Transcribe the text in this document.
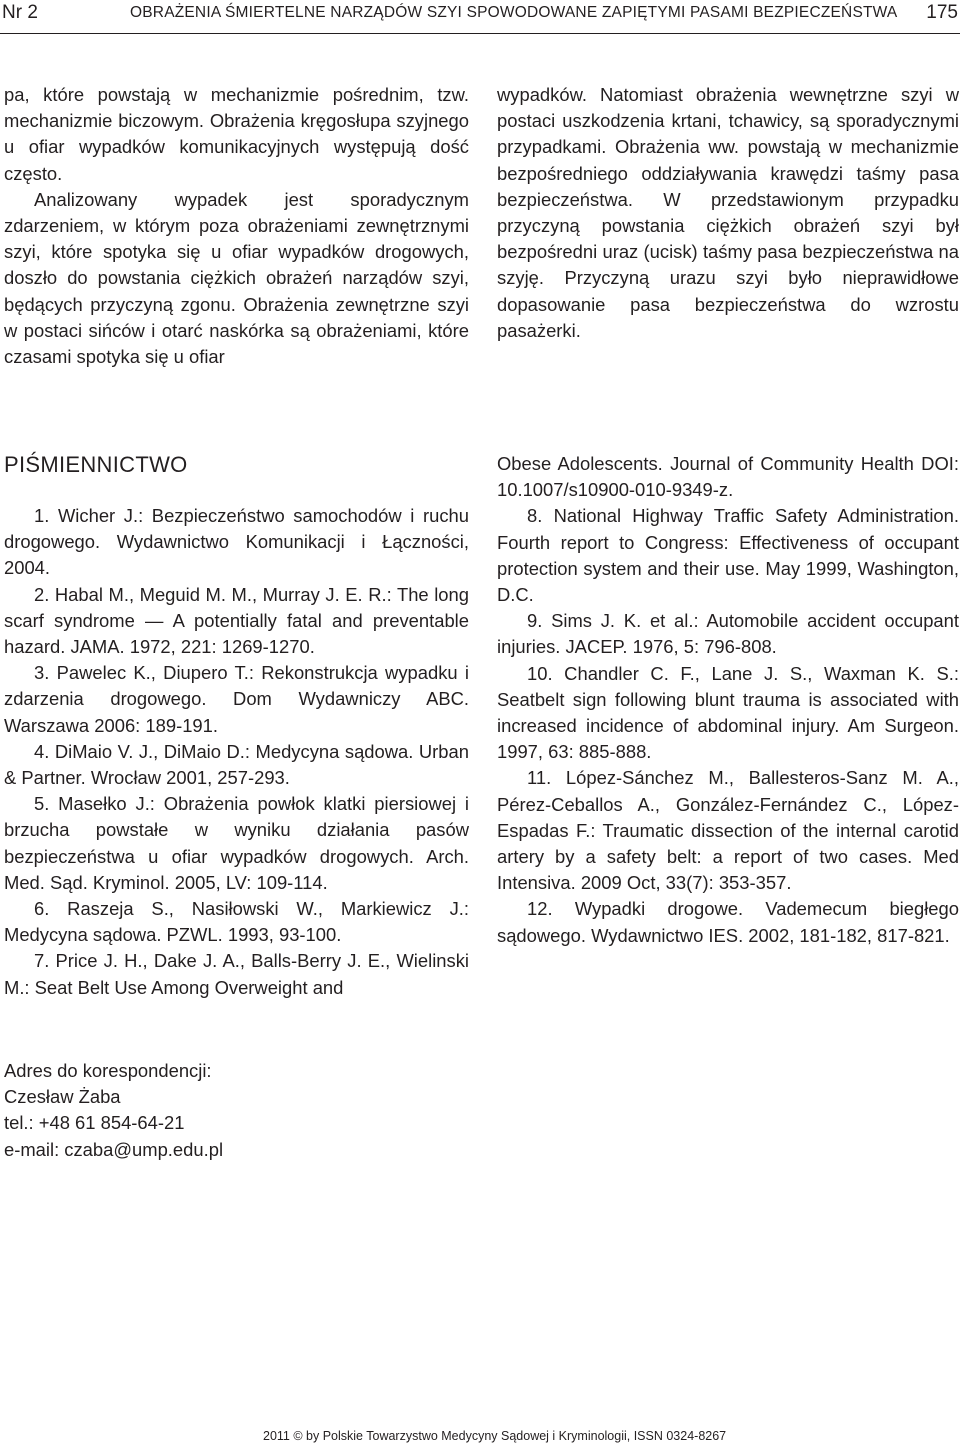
Nr 2	OBRAŻENIA ŚMIERTELNE NARZĄDÓW SZYI SPOWODOWANE ZAPIĘTYMI PASAMI BEZPIECZEŃSTWA 175

pa, które powstają w mechanizmie pośrednim, tzw. mechanizmie biczowym. Obrażenia kręgosłupa szyjnego u ofiar wypadków komunikacyjnych występują dość często.

Analizowany wypadek jest sporadycznym zdarzeniem, w którym poza obrażeniami zewnętrznymi szyi, które spotyka się u ofiar wypadków drogowych, doszło do powstania ciężkich obrażeń narządów szyi, będących przyczyną zgonu. Obrażenia zewnętrzne szyi w postaci sińców i otarć naskórka są obrażeniami, które czasami spotyka się u ofiar

wypadków. Natomiast obrażenia wewnętrzne szyi w postaci uszkodzenia krtani, tchawicy, są sporadycznymi przypadkami. Obrażenia ww. powstają w mechanizmie bezpośredniego oddziaływania krawędzi taśmy pasa bezpieczeństwa. W przedstawionym przypadku przyczyną powstania ciężkich obrażeń szyi był bezpośredni uraz (ucisk) taśmy pasa bezpieczeństwa na szyję. Przyczyną urazu szyi było nieprawidłowe dopasowanie pasa bezpieczeństwa do wzrostu pasażerki.

PIŚMIENNICTWO

1. Wicher J.: Bezpieczeństwo samochodów i ruchu drogowego. Wydawnictwo Komunikacji i Łączności, 2004.

2. Habal M., Meguid M. M., Murray J. E. R.: The long scarf syndrome — A potentially fatal and preventable hazard. JAMA. 1972, 221: 1269-1270.

3. Pawelec K., Diupero T.: Rekonstrukcja wypadku i zdarzenia drogowego. Dom Wydawniczy ABC. Warszawa 2006: 189-191.

4. DiMaio V. J., DiMaio D.: Medycyna sądowa. Urban & Partner. Wrocław 2001, 257-293.

5. Masełko J.: Obrażenia powłok klatki piersiowej i brzucha powstałe w wyniku działania pasów bezpieczeństwa u ofiar wypadków drogowych. Arch. Med. Sąd. Kryminol. 2005, LV: 109-114.

6. Raszeja S., Nasiłowski W., Markiewicz J.: Medycyna sądowa. PZWL. 1993, 93-100.

7. Price J. H., Dake J. A., Balls-Berry J. E., Wielinski M.: Seat Belt Use Among Overweight and

Obese Adolescents. Journal of Community Health DOI: 10.1007/s10900-010-9349-z.

8. National Highway Traffic Safety Administration. Fourth report to Congress: Effectiveness of occupant protection system and their use. May 1999, Washington, D.C.

9. Sims J. K. et al.: Automobile accident occupant injuries. JACEP. 1976, 5: 796-808.

10. Chandler C. F., Lane J. S., Waxman K. S.: Seatbelt sign following blunt trauma is associated with increased incidence of abdominal injury. Am Surgeon. 1997, 63: 885-888.

11. López-Sánchez M., Ballesteros-Sanz M. A., Pérez-Ceballos A., González-Fernández C., López-Espadas F.: Traumatic dissection of the internal carotid artery by a safety belt: a report of two cases. Med Intensiva. 2009 Oct, 33(7): 353-357.

12. Wypadki drogowe. Vademecum biegłego sądowego. Wydawnictwo IES. 2002, 181-182, 817-821.

Adres do korespondencji:
Czesław Żaba
tel.: +48 61 854-64-21
e-mail: czaba@ump.edu.pl
2011 © by Polskie Towarzystwo Medycyny Sądowej i Kryminologii, ISSN 0324-8267
